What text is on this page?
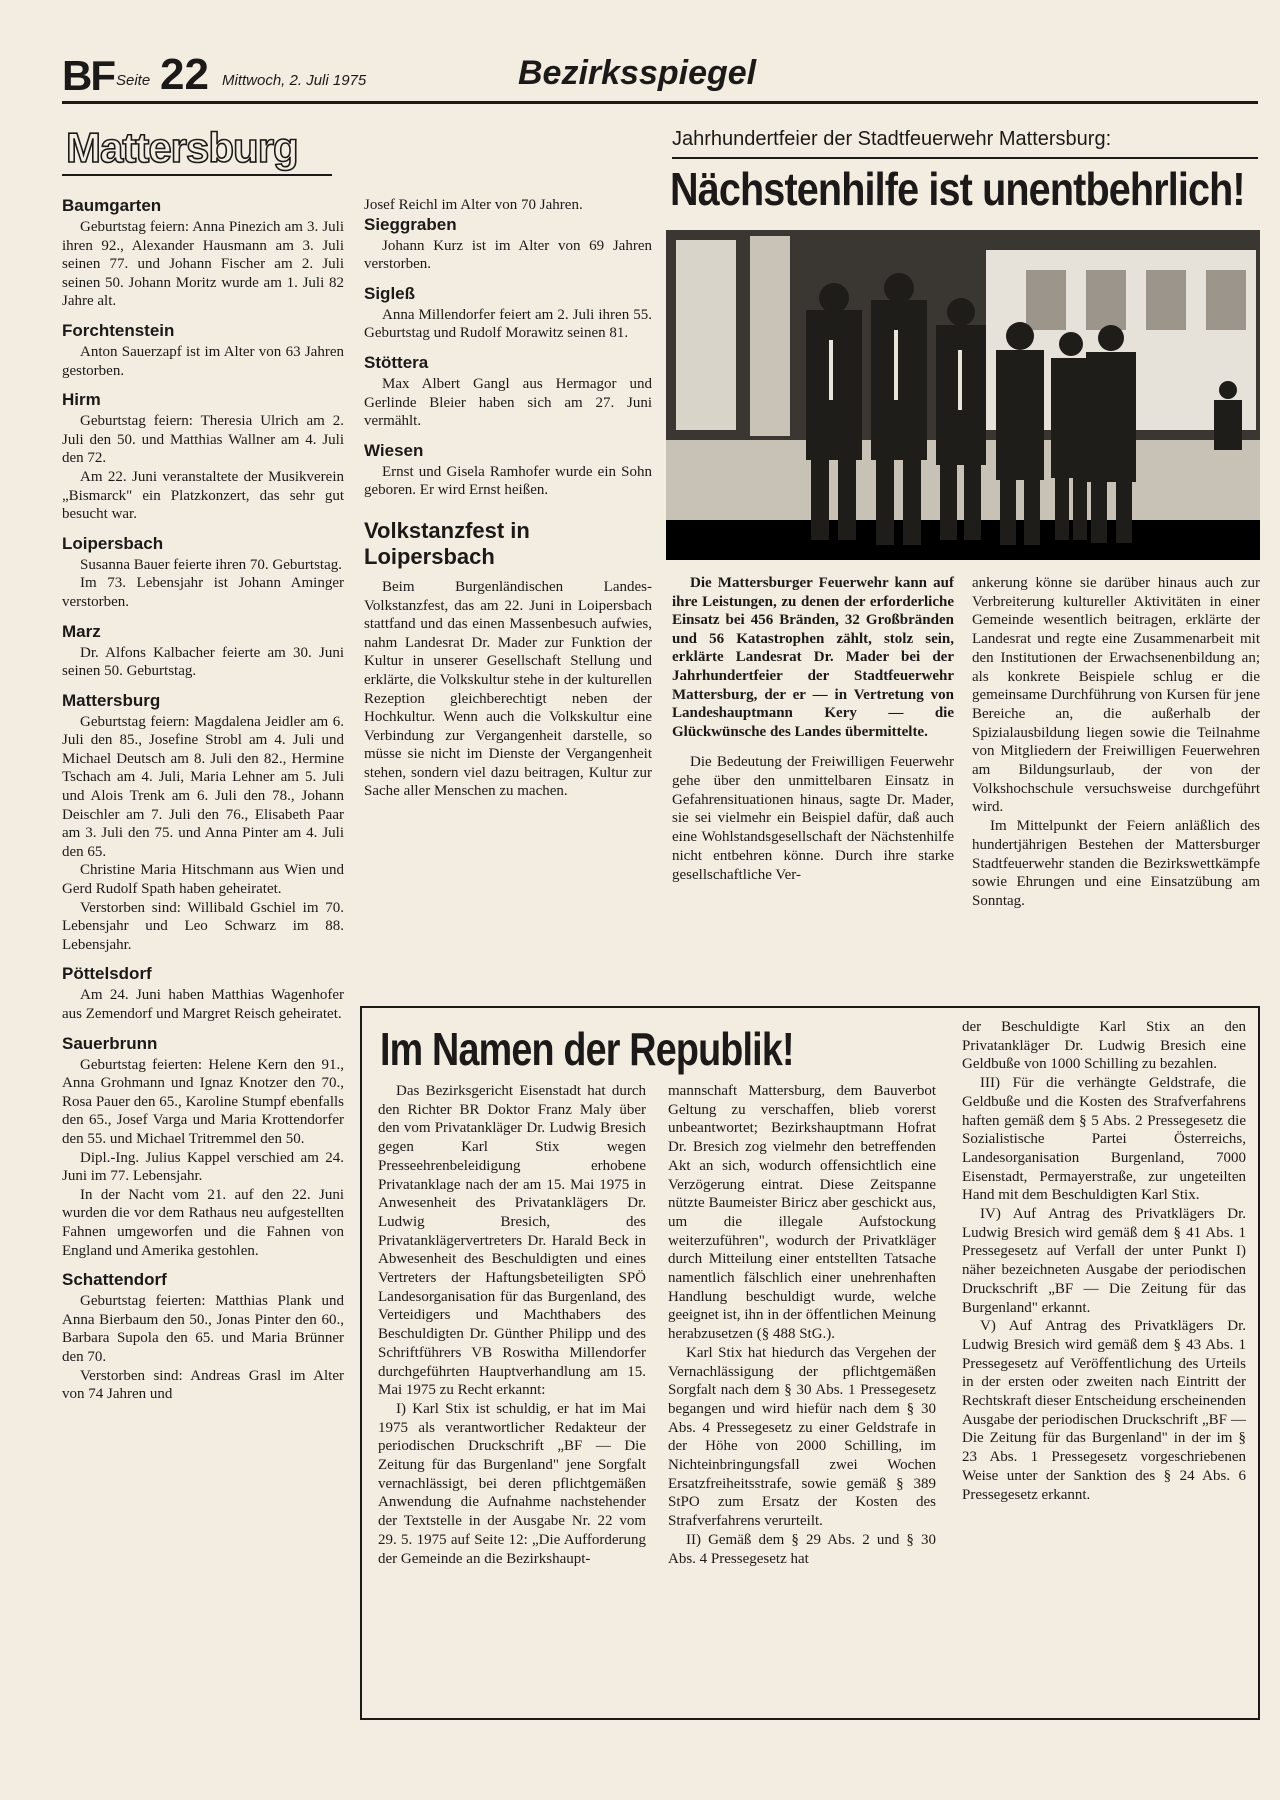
BF Seite 22 Mittwoch, 2. Juli 1975	Bezirksspiegel
Mattersburg
Baumgarten

Geburtstag feiern: Anna Pinezich am 3. Juli ihren 92., Alexander Hausmann am 3. Juli seinen 77. und Johann Fischer am 2. Juli seinen 50. Johann Moritz wurde am 1. Juli 82 Jahre alt.

Forchtenstein

Anton Sauerzapf ist im Alter von 63 Jahren gestorben.

Hirm

Geburtstag feiern: Theresia Ulrich am 2. Juli den 50. und Matthias Wallner am 4. Juli den 72.

Am 22. Juni veranstaltete der Musikverein „Bismarck" ein Platzkonzert, das sehr gut besucht war.

Loipersbach

Susanna Bauer feierte ihren 70. Geburtstag.

Im 73. Lebensjahr ist Johann Aminger verstorben.

Marz

Dr. Alfons Kalbacher feierte am 30. Juni seinen 50. Geburtstag.

Mattersburg

Geburtstag feiern: Magdalena Jeidler am 6. Juli den 85., Josefine Strobl am 4. Juli und Michael Deutsch am 8. Juli den 82., Hermine Tschach am 4. Juli, Maria Lehner am 5. Juli und Alois Trenk am 6. Juli den 78., Johann Deischler am 7. Juli den 76., Elisabeth Paar am 3. Juli den 75. und Anna Pinter am 4. Juli den 65.

Christine Maria Hitschmann aus Wien und Gerd Rudolf Spath haben geheiratet.

Verstorben sind: Willibald Gschiel im 70. Lebensjahr und Leo Schwarz im 88. Lebensjahr.

Pöttelsdorf

Am 24. Juni haben Matthias Wagenhofer aus Zemendorf und Margret Reisch geheiratet.

Sauerbrunn

Geburtstag feierten: Helene Kern den 91., Anna Grohmann und Ignaz Knotzer den 70., Rosa Pauer den 65., Karoline Stumpf ebenfalls den 65., Josef Varga und Maria Krottendorfer den 55. und Michael Tritremmel den 50.

Dipl.-Ing. Julius Kappel verschied am 24. Juni im 77. Lebensjahr.

In der Nacht vom 21. auf den 22. Juni wurden die vor dem Rathaus neu aufgestellten Fahnen umgeworfen und die Fahnen von England und Amerika gestohlen.

Schattendorf

Geburtstag feierten: Matthias Plank und Anna Bierbaum den 50., Jonas Pinter den 60., Barbara Supola den 65. und Maria Brünner den 70.

Verstorben sind: Andreas Grasl im Alter von 74 Jahren und

Josef Reichl im Alter von 70 Jahren.

Sieggraben

Johann Kurz ist im Alter von 69 Jahren verstorben.

Sigleß

Anna Millendorfer feiert am 2. Juli ihren 55. Geburtstag und Rudolf Morawitz seinen 81.

Stöttera

Max Albert Gangl aus Hermagor und Gerlinde Bleier haben sich am 27. Juni vermählt.

Wiesen

Ernst und Gisela Ramhofer wurde ein Sohn geboren. Er wird Ernst heißen.

Volkstanzfest in Loipersbach

Beim Burgenländischen Landes-Volkstanzfest, das am 22. Juni in Loipersbach stattfand und das einen Massenbesuch aufwies, nahm Landesrat Dr. Mader zur Funktion der Kultur in unserer Gesellschaft Stellung und erklärte, die Volkskultur stehe in der kulturellen Rezeption gleichberechtigt neben der Hochkultur. Wenn auch die Volkskultur eine Verbindung zur Vergangenheit darstelle, so müsse sie nicht im Dienste der Vergangenheit stehen, sondern viel dazu beitragen, Kultur zur Sache aller Menschen zu machen.

Jahrhundertfeier der Stadtfeuerwehr Mattersburg:
Nächstenhilfe ist unentbehrlich!

Die Mattersburger Feuerwehr kann auf ihre Leistungen, zu denen der erforderliche Einsatz bei 456 Bränden, 32 Großbränden und 56 Katastrophen zählt, stolz sein, erklärte Landesrat Dr. Mader bei der Jahrhundertfeier der Stadtfeuerwehr Mattersburg, der er — in Vertretung von Landeshauptmann Kery — die Glückwünsche des Landes übermittelte.

Die Bedeutung der Freiwilligen Feuerwehr gehe über den unmittelbaren Einsatz in Gefahrensituationen hinaus, sagte Dr. Mader, sie sei vielmehr ein Beispiel dafür, daß auch eine Wohlstandsgesellschaft der Nächstenhilfe nicht entbehren könne. Durch ihre starke gesellschaftliche Ver-

ankerung könne sie darüber hinaus auch zur Verbreiterung kultureller Aktivitäten in einer Gemeinde wesentlich beitragen, erklärte der Landesrat und regte eine Zusammenarbeit mit den Institutionen der Erwachsenenbildung an; als konkrete Beispiele schlug er die gemeinsame Durchführung von Kursen für jene Bereiche an, die außerhalb der Spizialausbildung liegen sowie die Teilnahme von Mitgliedern der Freiwilligen Feuerwehren am Bildungsurlaub, der von der Volkshochschule versuchsweise durchgeführt wird.

Im Mittelpunkt der Feiern anläßlich des hundertjährigen Bestehen der Mattersburger Stadtfeuerwehr standen die Bezirkswettkämpfe sowie Ehrungen und eine Einsatzübung am Sonntag.

Im Namen der Republik!

Das Bezirksgericht Eisenstadt hat durch den Richter BR Doktor Franz Maly über den vom Privatankläger Dr. Ludwig Bresich gegen Karl Stix wegen Presseehrenbeleidigung erhobene Privatanklage nach der am 15. Mai 1975 in Anwesenheit des Privatanklägers Dr. Ludwig Bresich, des Privatanklägervertreters Dr. Harald Beck in Abwesenheit des Beschuldigten und eines Vertreters der Haftungsbeteiligten SPÖ Landesorganisation für das Burgenland, des Verteidigers und Machthabers des Beschuldigten Dr. Günther Philipp und des Schriftführers VB Roswitha Millendorfer durchgeführten Hauptverhandlung am 15. Mai 1975 zu Recht erkannt:

I) Karl Stix ist schuldig, er hat im Mai 1975 als verantwortlicher Redakteur der periodischen Druckschrift „BF — Die Zeitung für das Burgenland" jene Sorgfalt vernachlässigt, bei deren pflichtgemäßen Anwendung die Aufnahme nachstehender der Textstelle in der Ausgabe Nr. 22 vom 29. 5. 1975 auf Seite 12: „Die Aufforderung der Gemeinde an die Bezirkshaupt-

mannschaft Mattersburg, dem Bauverbot Geltung zu verschaffen, blieb vorerst unbeantwortet; Bezirkshauptmann Hofrat Dr. Bresich zog vielmehr den betreffenden Akt an sich, wodurch offensichtlich eine Verzögerung eintrat. Diese Zeitspanne nützte Baumeister Biricz aber geschickt aus, um die illegale Aufstockung weiterzuführen", wodurch der Privatkläger durch Mitteilung einer entstellten Tatsache namentlich fälschlich einer unehrenhaften Handlung beschuldigt wurde, welche geeignet ist, ihn in der öffentlichen Meinung herabzusetzen (§ 488 StG.).

Karl Stix hat hiedurch das Vergehen der Vernachlässigung der pflichtgemäßen Sorgfalt nach dem § 30 Abs. 1 Pressegesetz begangen und wird hiefür nach dem § 30 Abs. 4 Pressegesetz zu einer Geldstrafe in der Höhe von 2000 Schilling, im Nichteinbringungsfall zwei Wochen Ersatzfreiheitsstrafe, sowie gemäß § 389 StPO zum Ersatz der Kosten des Strafverfahrens verurteilt.

II) Gemäß dem § 29 Abs. 2 und § 30 Abs. 4 Pressegesetz hat

der Beschuldigte Karl Stix an den Privatankläger Dr. Ludwig Bresich eine Geldbuße von 1000 Schilling zu bezahlen.

III) Für die verhängte Geldstrafe, die Geldbuße und die Kosten des Strafverfahrens haften gemäß dem § 5 Abs. 2 Pressegesetz die Sozialistische Partei Österreichs, Landesorganisation Burgenland, 7000 Eisenstadt, Permayerstraße, zur ungeteilten Hand mit dem Beschuldigten Karl Stix.

IV) Auf Antrag des Privatklägers Dr. Ludwig Bresich wird gemäß dem § 41 Abs. 1 Pressegesetz auf Verfall der unter Punkt I) näher bezeichneten Ausgabe der periodischen Druckschrift „BF — Die Zeitung für das Burgenland" erkannt.

V) Auf Antrag des Privatklägers Dr. Ludwig Bresich wird gemäß dem § 43 Abs. 1 Pressegesetz auf Veröffentlichung des Urteils in der ersten oder zweiten nach Eintritt der Rechtskraft dieser Entscheidung erscheinenden Ausgabe der periodischen Druckschrift „BF — Die Zeitung für das Burgenland" in der im § 23 Abs. 1 Pressegesetz vorgeschriebenen Weise unter der Sanktion des § 24 Abs. 6 Pressegesetz erkannt.
